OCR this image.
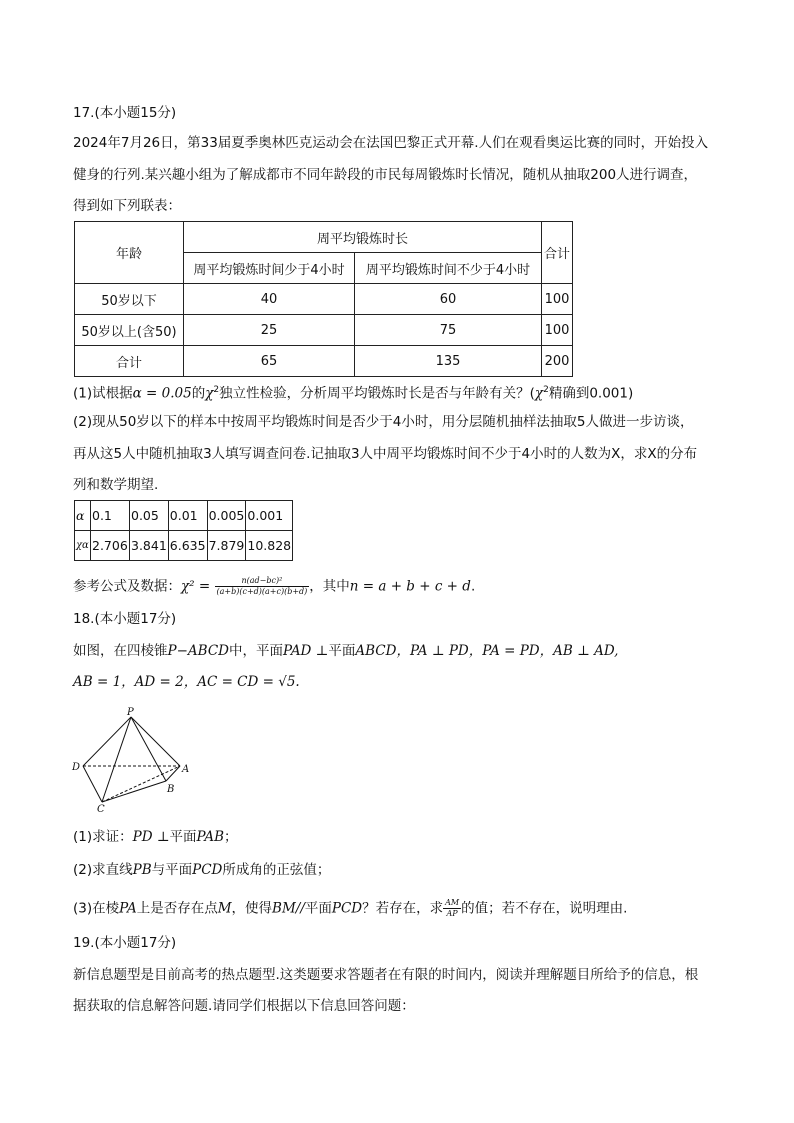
17.(本小题15分)
2024年7月26日，第33届夏季奥林匹克运动会在法国巴黎正式开幕.人们在观看奥运比赛的同时，开始投入
健身的行列.某兴趣小组为了解成都市不同年龄段的市民每周锻炼时长情况，随机从抽取200人进行调查，
得到如下列联表：
年龄	周平均锻炼时长		合计
	周平均锻炼时间少于4小时	周平均锻炼时间不少于4小时	
50岁以下	40	60	100
50岁以上(含50)	25	75	100
合计	65	135	200
(1)试根据α = 0.05的$\chi^2$独立性检验，分析周平均锻炼时长是否与年龄有关？($\chi^2$精确到0.001)
(2)现从50岁以下的样本中按周平均锻炼时间是否少于4小时，用分层随机抽样法抽取5人做进一步访谈，
再从这5人中随机抽取3人填写调查问卷.记抽取3人中周平均锻炼时间不少于4小时的人数为X，求X的分布
列和数学期望.
α	0.1	0.05	0.01	0.005	0.001
χα	2.706	3.841	6.635	7.879	10.828
参考公式及数据：$\chi^2 = \frac{\text{n(ad−bc)²}}{(a+b)(c+d)(a+c)(b+d)}$ ，其中n = a + b + c + d.
18.(本小题17分)
如图，在四棱锥P−ABCD中，平面PAD ⊥平面ABCD，PA ⊥ PD，PA = PD，AB ⊥ AD,
AB = 1，AD = 2，AC = CD = √5.
P
D	A
B
C
(1)求证：PD ⊥平面PAB；
(2)求直线PB与平面PCD所成角的正弦值；
(3)在棱PA上是否存在点M，使得BM//平面PCD？若存在，求 $\frac{AM}{AP}$ 的值；若不存在，说明理由.
19.(本小题17分)
新信息题型是目前高考的热点题型.这类题要求答题者在有限的时间内，阅读并理解题目所给予的信息，根
据获取的信息解答问题.请同学们根据以下信息回答问题：
